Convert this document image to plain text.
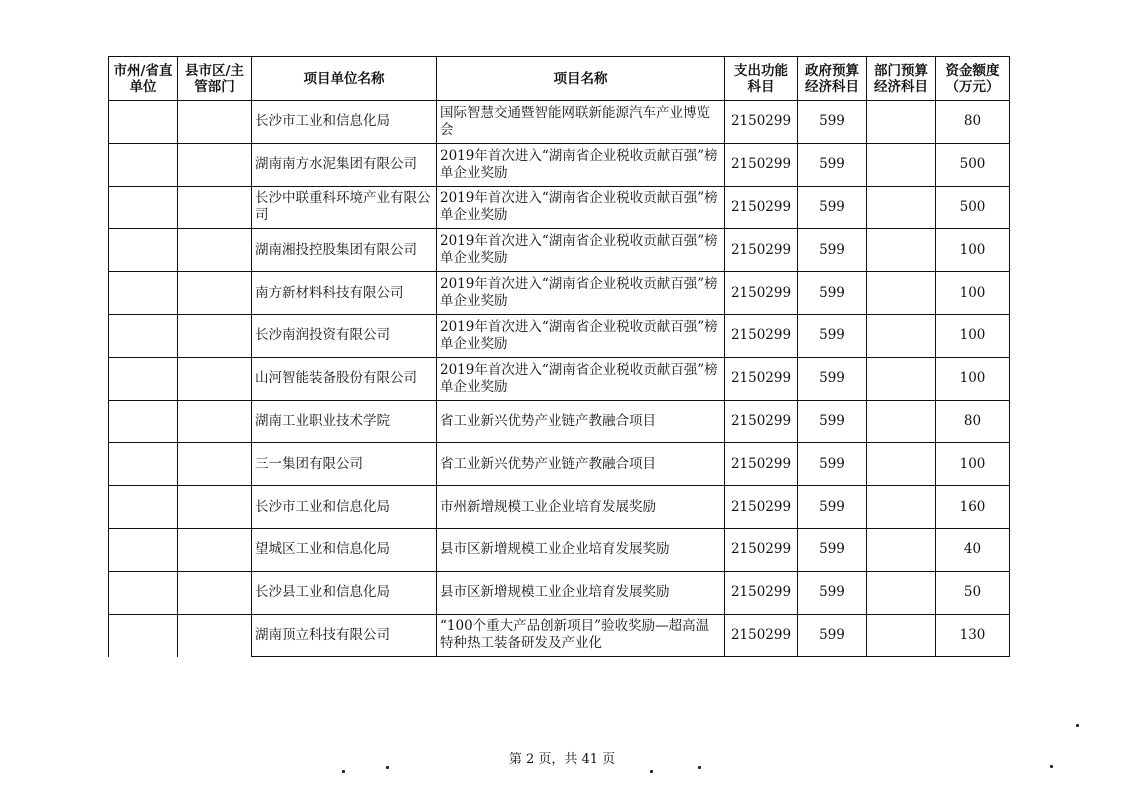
市州/省直单位	县市区/主管部门	项目单位名称	项目名称	支出功能科目	政府预算经济科目	部门预算经济科目	资金额度（万元）
		长沙市工业和信息化局	国际智慧交通暨智能网联新能源汽车产业博览会	2150299	599		80
		湖南南方水泥集团有限公司	2019年首次进入“湖南省企业税收贡献百强”榜单企业奖励	2150299	599		500
		长沙中联重科环境产业有限公司	2019年首次进入“湖南省企业税收贡献百强”榜单企业奖励	2150299	599		500
		湖南湘投控股集团有限公司	2019年首次进入“湖南省企业税收贡献百强”榜单企业奖励	2150299	599		100
		南方新材料科技有限公司	2019年首次进入“湖南省企业税收贡献百强”榜单企业奖励	2150299	599		100
		长沙南润投资有限公司	2019年首次进入“湖南省企业税收贡献百强”榜单企业奖励	2150299	599		100
		山河智能装备股份有限公司	2019年首次进入“湖南省企业税收贡献百强”榜单企业奖励	2150299	599		100
		湖南工业职业技术学院	省工业新兴优势产业链产教融合项目	2150299	599		80
		三一集团有限公司	省工业新兴优势产业链产教融合项目	2150299	599		100
		长沙市工业和信息化局	市州新增规模工业企业培育发展奖励	2150299	599		160
		望城区工业和信息化局	县市区新增规模工业企业培育发展奖励	2150299	599		40
		长沙县工业和信息化局	县市区新增规模工业企业培育发展奖励	2150299	599		50
		湖南顶立科技有限公司	“100个重大产品创新项目”验收奖励—超高温特种热工装备研发及产业化	2150299	599		130
第 2 页，共 41 页
